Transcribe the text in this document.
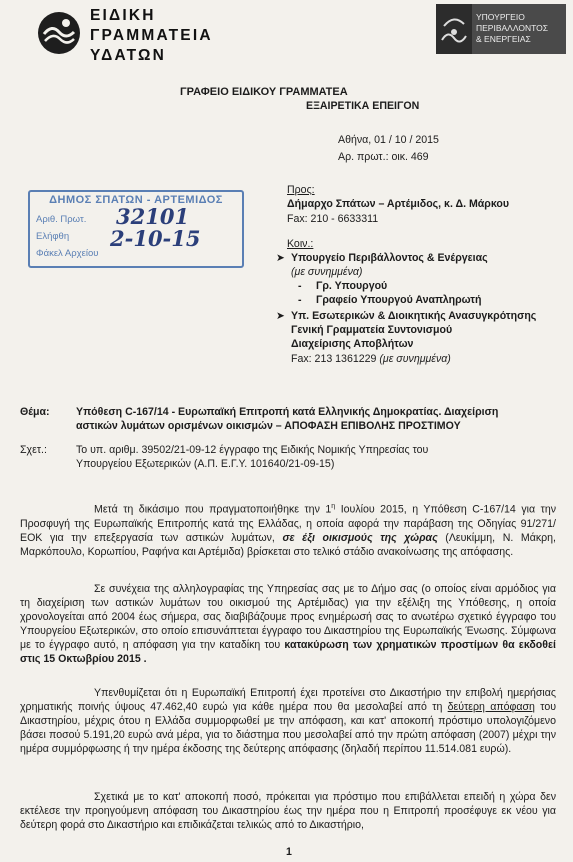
ΕΙΔΙΚΗ
ΓΡΑΜΜΑΤΕΙΑ
ΥΔΑΤΩΝ
ΥΠΟΥΡΓΕΙΟ
ΠΕΡΙΒΑΛΛΟΝΤΟΣ
& ΕΝΕΡΓΕΙΑΣ
ΓΡΑΦΕΙΟ ΕΙΔΙΚΟΥ ΓΡΑΜΜΑΤΕΑ
ΕΞΑΙΡΕΤΙΚΑ ΕΠΕΙΓΟΝ
Αθήνα, 01 / 10 / 2015
Αρ. πρωτ.: οικ. 469
ΔΗΜΟΣ ΣΠΑΤΩΝ - ΑΡΤΕΜΙΔΟΣ
Αριθ. Πρωτ.
Ελήφθη
Φάκελ Αρχείου
32101
2-10-15
Προς:
Δήμαρχο Σπάτων – Αρτέμιδος, κ. Δ. Μάρκου
Fax: 210 - 6633311
Κοιν.:
➤ Υπουργείο Περιβάλλοντος & Ενέργειας
(με συνημμένα)
- Γρ. Υπουργού
- Γραφείο Υπουργού Αναπληρωτή
➤ Υπ. Εσωτερικών & Διοικητικής Ανασυγκρότησης
Γενική Γραμματεία Συντονισμού
Διαχείρισης Αποβλήτων
Fax: 213 1361229 (με συνημμένα)
Θέμα: Υπόθεση C-167/14 - Ευρωπαϊκή Επιτροπή κατά Ελληνικής Δημοκρατίας. Διαχείριση
αστικών λυμάτων ορισμένων οικισμών – ΑΠΟΦΑΣΗ ΕΠΙΒΟΛΗΣ ΠΡΟΣΤΙΜΟΥ
Σχετ.:	Το υπ. αριθμ. 39502/21-09-12 έγγραφο της Ειδικής Νομικής Υπηρεσίας του
Υπουργείου Εξωτερικών (Α.Π. Ε.Γ.Υ. 101640/21-09-15)
Μετά τη δικάσιμο που πραγματοποιήθηκε την $1^\eta$ Ιουλίου 2015, η Υπόθεση C-167/14 για την Προσφυγή της Ευρωπαϊκής Επιτροπής κατά της Ελλάδας, η οποία αφορά την παράβαση της Οδηγίας 91/271/ΕΟΚ για την επεξεργασία των αστικών λυμάτων, σε έξι οικισμούς της χώρας (Λευκίμμη, Ν. Μάκρη, Μαρκόπουλο, Κορωπίου, Ραφήνα και Αρτέμιδα) βρίσκεται στο τελικό στάδιο ανακοίνωσης της απόφασης.
Σε συνέχεια της αλληλογραφίας της Υπηρεσίας σας με το Δήμο σας (ο οποίος είναι αρμόδιος για τη διαχείριση των αστικών λυμάτων του οικισμού της Αρτέμιδας) για την εξέλιξη της Υπόθεσης, η οποία χρονολογείται από 2004 έως σήμερα, σας διαβιβάζουμε προς ενημέρωσή σας το ανωτέρω σχετικό έγγραφο του Υπουργείου Εξωτερικών, στο οποίο επισυνάπτεται έγγραφο του Δικαστηρίου της Ευρωπαϊκής Ένωσης. Σύμφωνα με το έγγραφο αυτό, η απόφαση για την καταδίκη του κατακύρωση των χρηματικών προστίμων θα εκδοθεί στις 15 Οκτωβρίου 2015 .
Υπενθυμίζεται ότι η Ευρωπαϊκή Επιτροπή έχει προτείνει στο Δικαστήριο την επιβολή ημερήσιας χρηματικής ποινής ύψους 47.462,40 ευρώ για κάθε ημέρα που θα μεσολαβεί από τη δεύτερη απόφαση του Δικαστηρίου, μέχρις ότου η Ελλάδα συμμορφωθεί με την απόφαση, και κατ' αποκοπή πρόστιμο υπολογιζόμενο βάσει ποσού 5.191,20 ευρώ ανά μέρα, για το διάστημα που μεσολαβεί από την πρώτη απόφαση (2007) μέχρι την ημέρα συμμόρφωσης ή την ημέρα έκδοσης της δεύτερης απόφασης (δηλαδή περίπου 11.514.081 ευρώ).
Σχετικά με το κατ' αποκοπή ποσό, πρόκειται για πρόστιμο που επιβάλλεται επειδή η χώρα δεν εκτέλεσε την προηγούμενη απόφαση του Δικαστηρίου έως την ημέρα που η Επιτροπή προσέφυγε εκ νέου για δεύτερη φορά στο Δικαστήριο και επιδικάζεται τελικώς από το Δικαστήριο,
1
